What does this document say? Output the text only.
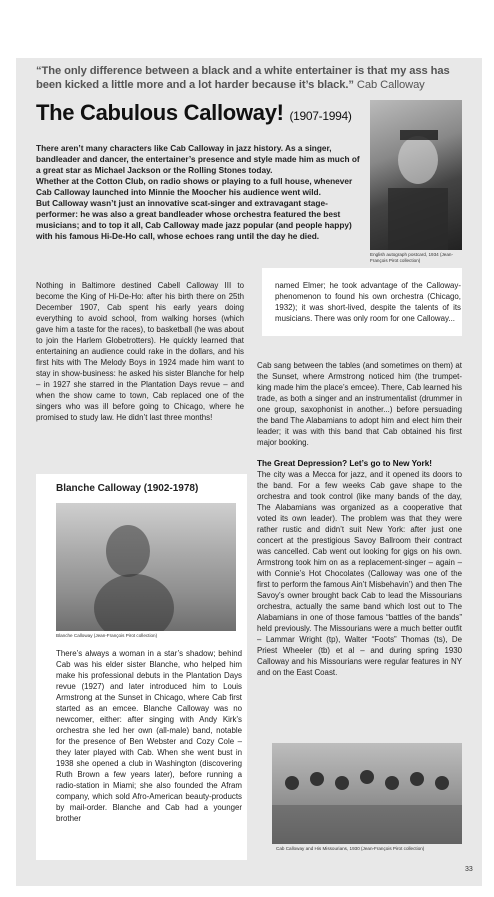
“The only difference between a black and a white entertainer is that my ass has been kicked a little more and a lot harder because it’s black.” Cab Calloway
The Cabulous Calloway! (1907-1994)

There aren’t many characters like Cab Calloway in jazz history. As a singer, bandleader and dancer, the entertainer’s presence and style made him as much of a great star as Michael Jackson or the Rolling Stones today.

Whether at the Cotton Club, on radio shows or playing to a full house, whenever Cab Calloway launched into Minnie the Moocher his audience went wild.

But Calloway wasn’t just an innovative scat-singer and extravagant stage-performer: he was also a great bandleader whose orchestra featured the best musicians; and to top it all, Cab Calloway made jazz popular (and people happy) with his famous Hi-De-Ho call, whose echoes rang until the day he died.

English autograph postcard, 1934 (Jean-François Pirot collection)
Nothing in Baltimore destined Cabell Calloway III to become the King of Hi-De-Ho: after his birth there on 25th December 1907, Cab spent his early years doing everything to avoid school, from walking horses (which gave him a taste for the races), to basketball (he was about to join the Harlem Globetrotters). He quickly learned that entertaining an audience could rake in the dollars, and his first hits with The Melody Boys in 1924 made him want to stay in show-business: he asked his sister Blanche for help – in 1927 she starred in the Plantation Days revue – and when the show came to town, Cab replaced one of the singers who was ill before going to Chicago, where he promised to study law. He didn’t last three months!
named Elmer; he took advantage of the Calloway-phenomenon to found his own orchestra (Chicago, 1932); it was short-lived, despite the talents of its musicians. There was only room for one Calloway...

Cab sang between the tables (and sometimes on them) at the Sunset, where Armstrong noticed him (the trumpet-king made him the place’s emcee). There, Cab learned his trade, as both a singer and an instrumentalist (drummer in one group, saxophonist in another...) before persuading the band The Alabamians to adopt him and elect him their leader; it was with this band that Cab obtained his first major booking.

The Great Depression? Let’s go to New York!

The city was a Mecca for jazz, and it opened its doors to the band. For a few weeks Cab gave shape to the orchestra and took control (like many bands of the day, The Alabamians was organized as a cooperative that voted its own leader). The problem was that they were rather rustic and didn’t suit New York: after just one concert at the prestigious Savoy Ballroom their contract was cancelled. Cab went out looking for gigs on his own. Armstrong took him on as a replacement-singer – again – with Connie’s Hot Chocolates (Calloway was one of the first to perform the famous Ain’t Misbehavin’) and then The Savoy’s owner brought back Cab to lead the Missourians orchestra, actually the same band which lost out to The Alabamians in one of those famous “battles of the bands” held previously. The Missourians were a much better outfit – Lammar Wright (tp), Walter “Foots” Thomas (ts), De Priest Wheeler (tb) et al – and during spring 1930 Calloway and his Missourians were regular features in NY and on the East Coast.

Blanche Calloway (1902-1978)
Blanche Calloway (Jean-François Pirot collection)
There’s always a woman in a star’s shadow; behind Cab was his elder sister Blanche, who helped him make his professional debuts in the Plantation Days revue (1927) and later introduced him to Louis Armstrong at the Sunset in Chicago, where Cab first started as an emcee. Blanche Calloway was no newcomer, either: after singing with Andy Kirk’s orchestra she led her own (all-male) band, notable for the presence of Ben Webster and Cozy Cole – they later played with Cab. When she went bust in 1938 she opened a club in Washington (discovering Ruth Brown a few years later), before running a radio-station in Miami; she also founded the Afram company, which sold Afro-American beauty-products by mail-order. Blanche and Cab had a younger brother
Cab Calloway and His Missourians, 1930 (Jean-François Pirot collection)
33
